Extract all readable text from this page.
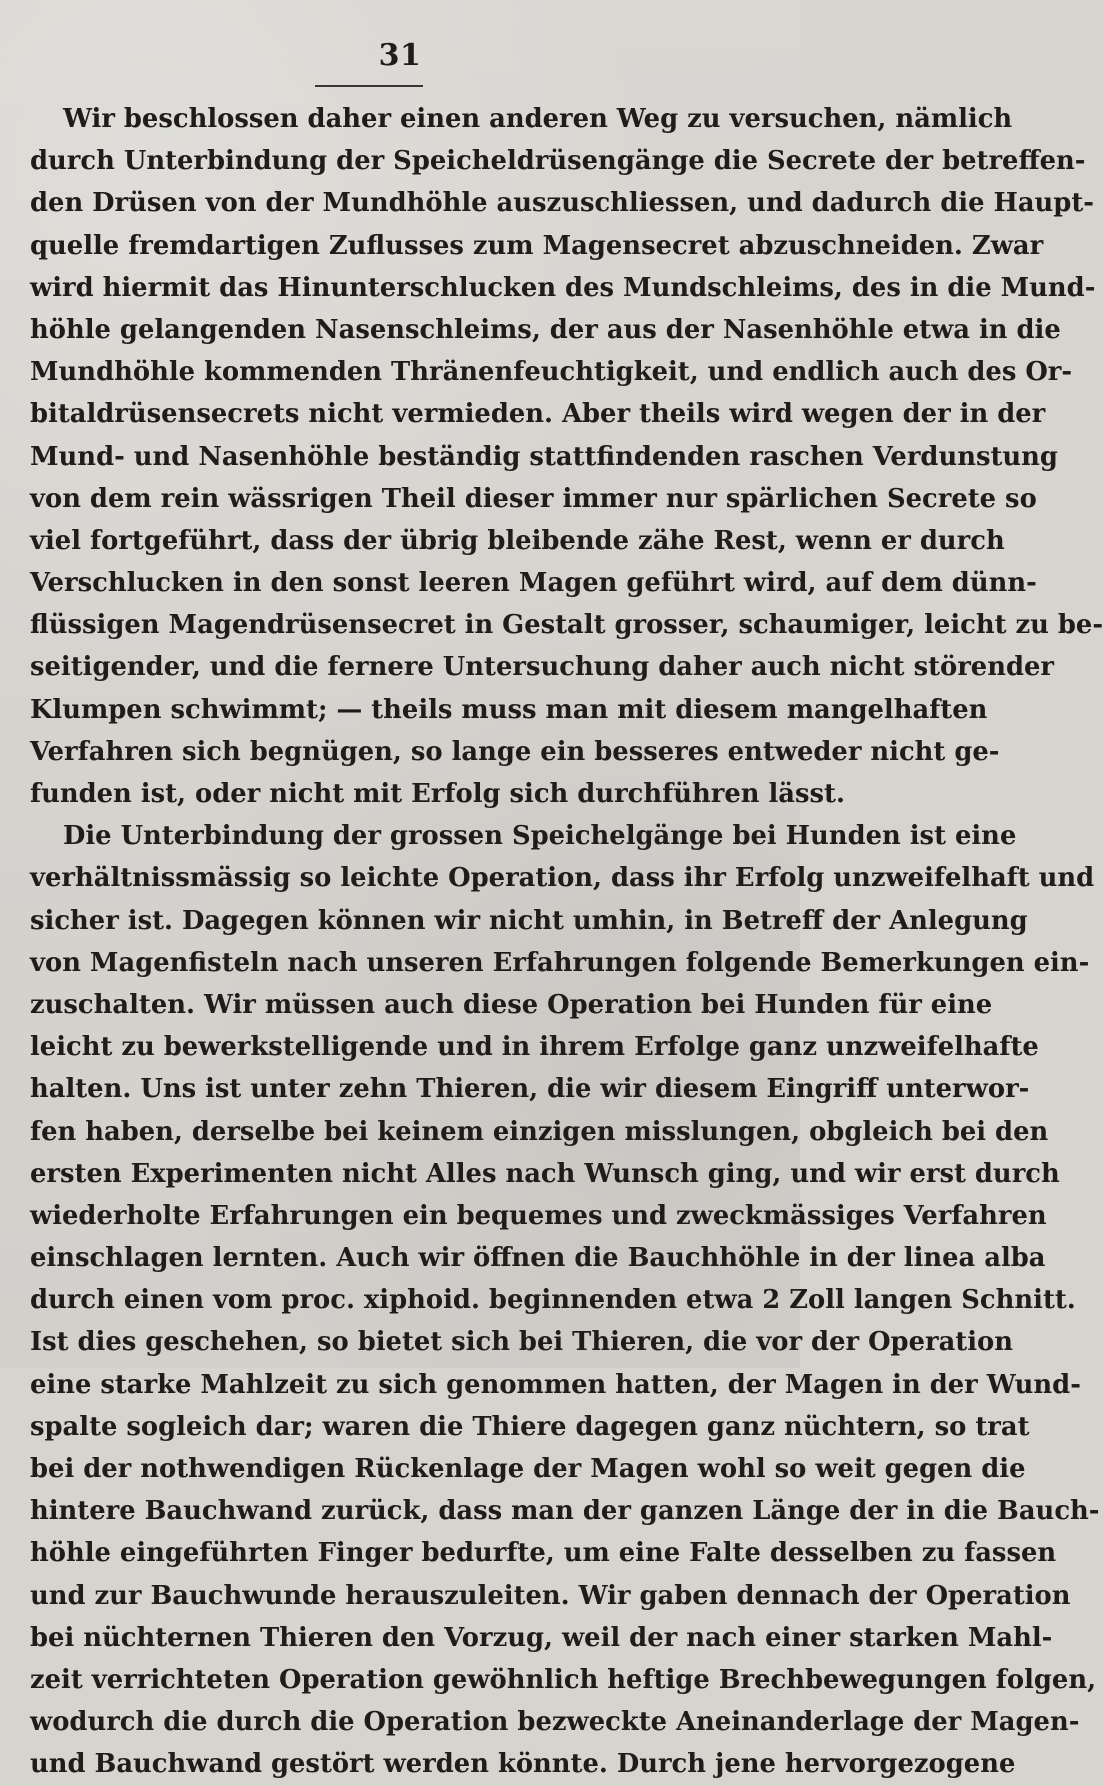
31
Wir beschlossen daher einen anderen Weg zu versuchen, nämlich
durch Unterbindung der Speicheldrüsengänge die Secrete der betreffen-
den Drüsen von der Mundhöhle auszuschliessen, und dadurch die Haupt-
quelle fremdartigen Zuflusses zum Magensecret abzuschneiden. Zwar
wird hiermit das Hinunterschlucken des Mundschleims, des in die Mund-
höhle gelangenden Nasenschleims, der aus der Nasenhöhle etwa in die
Mundhöhle kommenden Thränenfeuchtigkeit, und endlich auch des Or-
bitaldrüsensecrets nicht vermieden. Aber theils wird wegen der in der
Mund- und Nasenhöhle beständig stattfindenden raschen Verdunstung
von dem rein wässrigen Theil dieser immer nur spärlichen Secrete so
viel fortgeführt, dass der übrig bleibende zähe Rest, wenn er durch
Verschlucken in den sonst leeren Magen geführt wird, auf dem dünn-
flüssigen Magendrüsensecret in Gestalt grosser, schaumiger, leicht zu be-
seitigender, und die fernere Untersuchung daher auch nicht störender
Klumpen schwimmt; — theils muss man mit diesem mangelhaften
Verfahren sich begnügen, so lange ein besseres entweder nicht ge-
funden ist, oder nicht mit Erfolg sich durchführen lässt.
Die Unterbindung der grossen Speichelgänge bei Hunden ist eine
verhältnissmässig so leichte Operation, dass ihr Erfolg unzweifelhaft und
sicher ist. Dagegen können wir nicht umhin, in Betreff der Anlegung
von Magenfisteln nach unseren Erfahrungen folgende Bemerkungen ein-
zuschalten. Wir müssen auch diese Operation bei Hunden für eine
leicht zu bewerkstelligende und in ihrem Erfolge ganz unzweifelhafte
halten. Uns ist unter zehn Thieren, die wir diesem Eingriff unterwor-
fen haben, derselbe bei keinem einzigen misslungen, obgleich bei den
ersten Experimenten nicht Alles nach Wunsch ging, und wir erst durch
wiederholte Erfahrungen ein bequemes und zweckmässiges Verfahren
einschlagen lernten. Auch wir öffnen die Bauchhöhle in der linea alba
durch einen vom proc. xiphoid. beginnenden etwa 2 Zoll langen Schnitt.
Ist dies geschehen, so bietet sich bei Thieren, die vor der Operation
eine starke Mahlzeit zu sich genommen hatten, der Magen in der Wund-
spalte sogleich dar; waren die Thiere dagegen ganz nüchtern, so trat
bei der nothwendigen Rückenlage der Magen wohl so weit gegen die
hintere Bauchwand zurück, dass man der ganzen Länge der in die Bauch-
höhle eingeführten Finger bedurfte, um eine Falte desselben zu fassen
und zur Bauchwunde herauszuleiten. Wir gaben dennach der Operation
bei nüchternen Thieren den Vorzug, weil der nach einer starken Mahl-
zeit verrichteten Operation gewöhnlich heftige Brechbewegungen folgen,
wodurch die durch die Operation bezweckte Aneinanderlage der Magen-
und Bauchwand gestört werden könnte. Durch jene hervorgezogene
